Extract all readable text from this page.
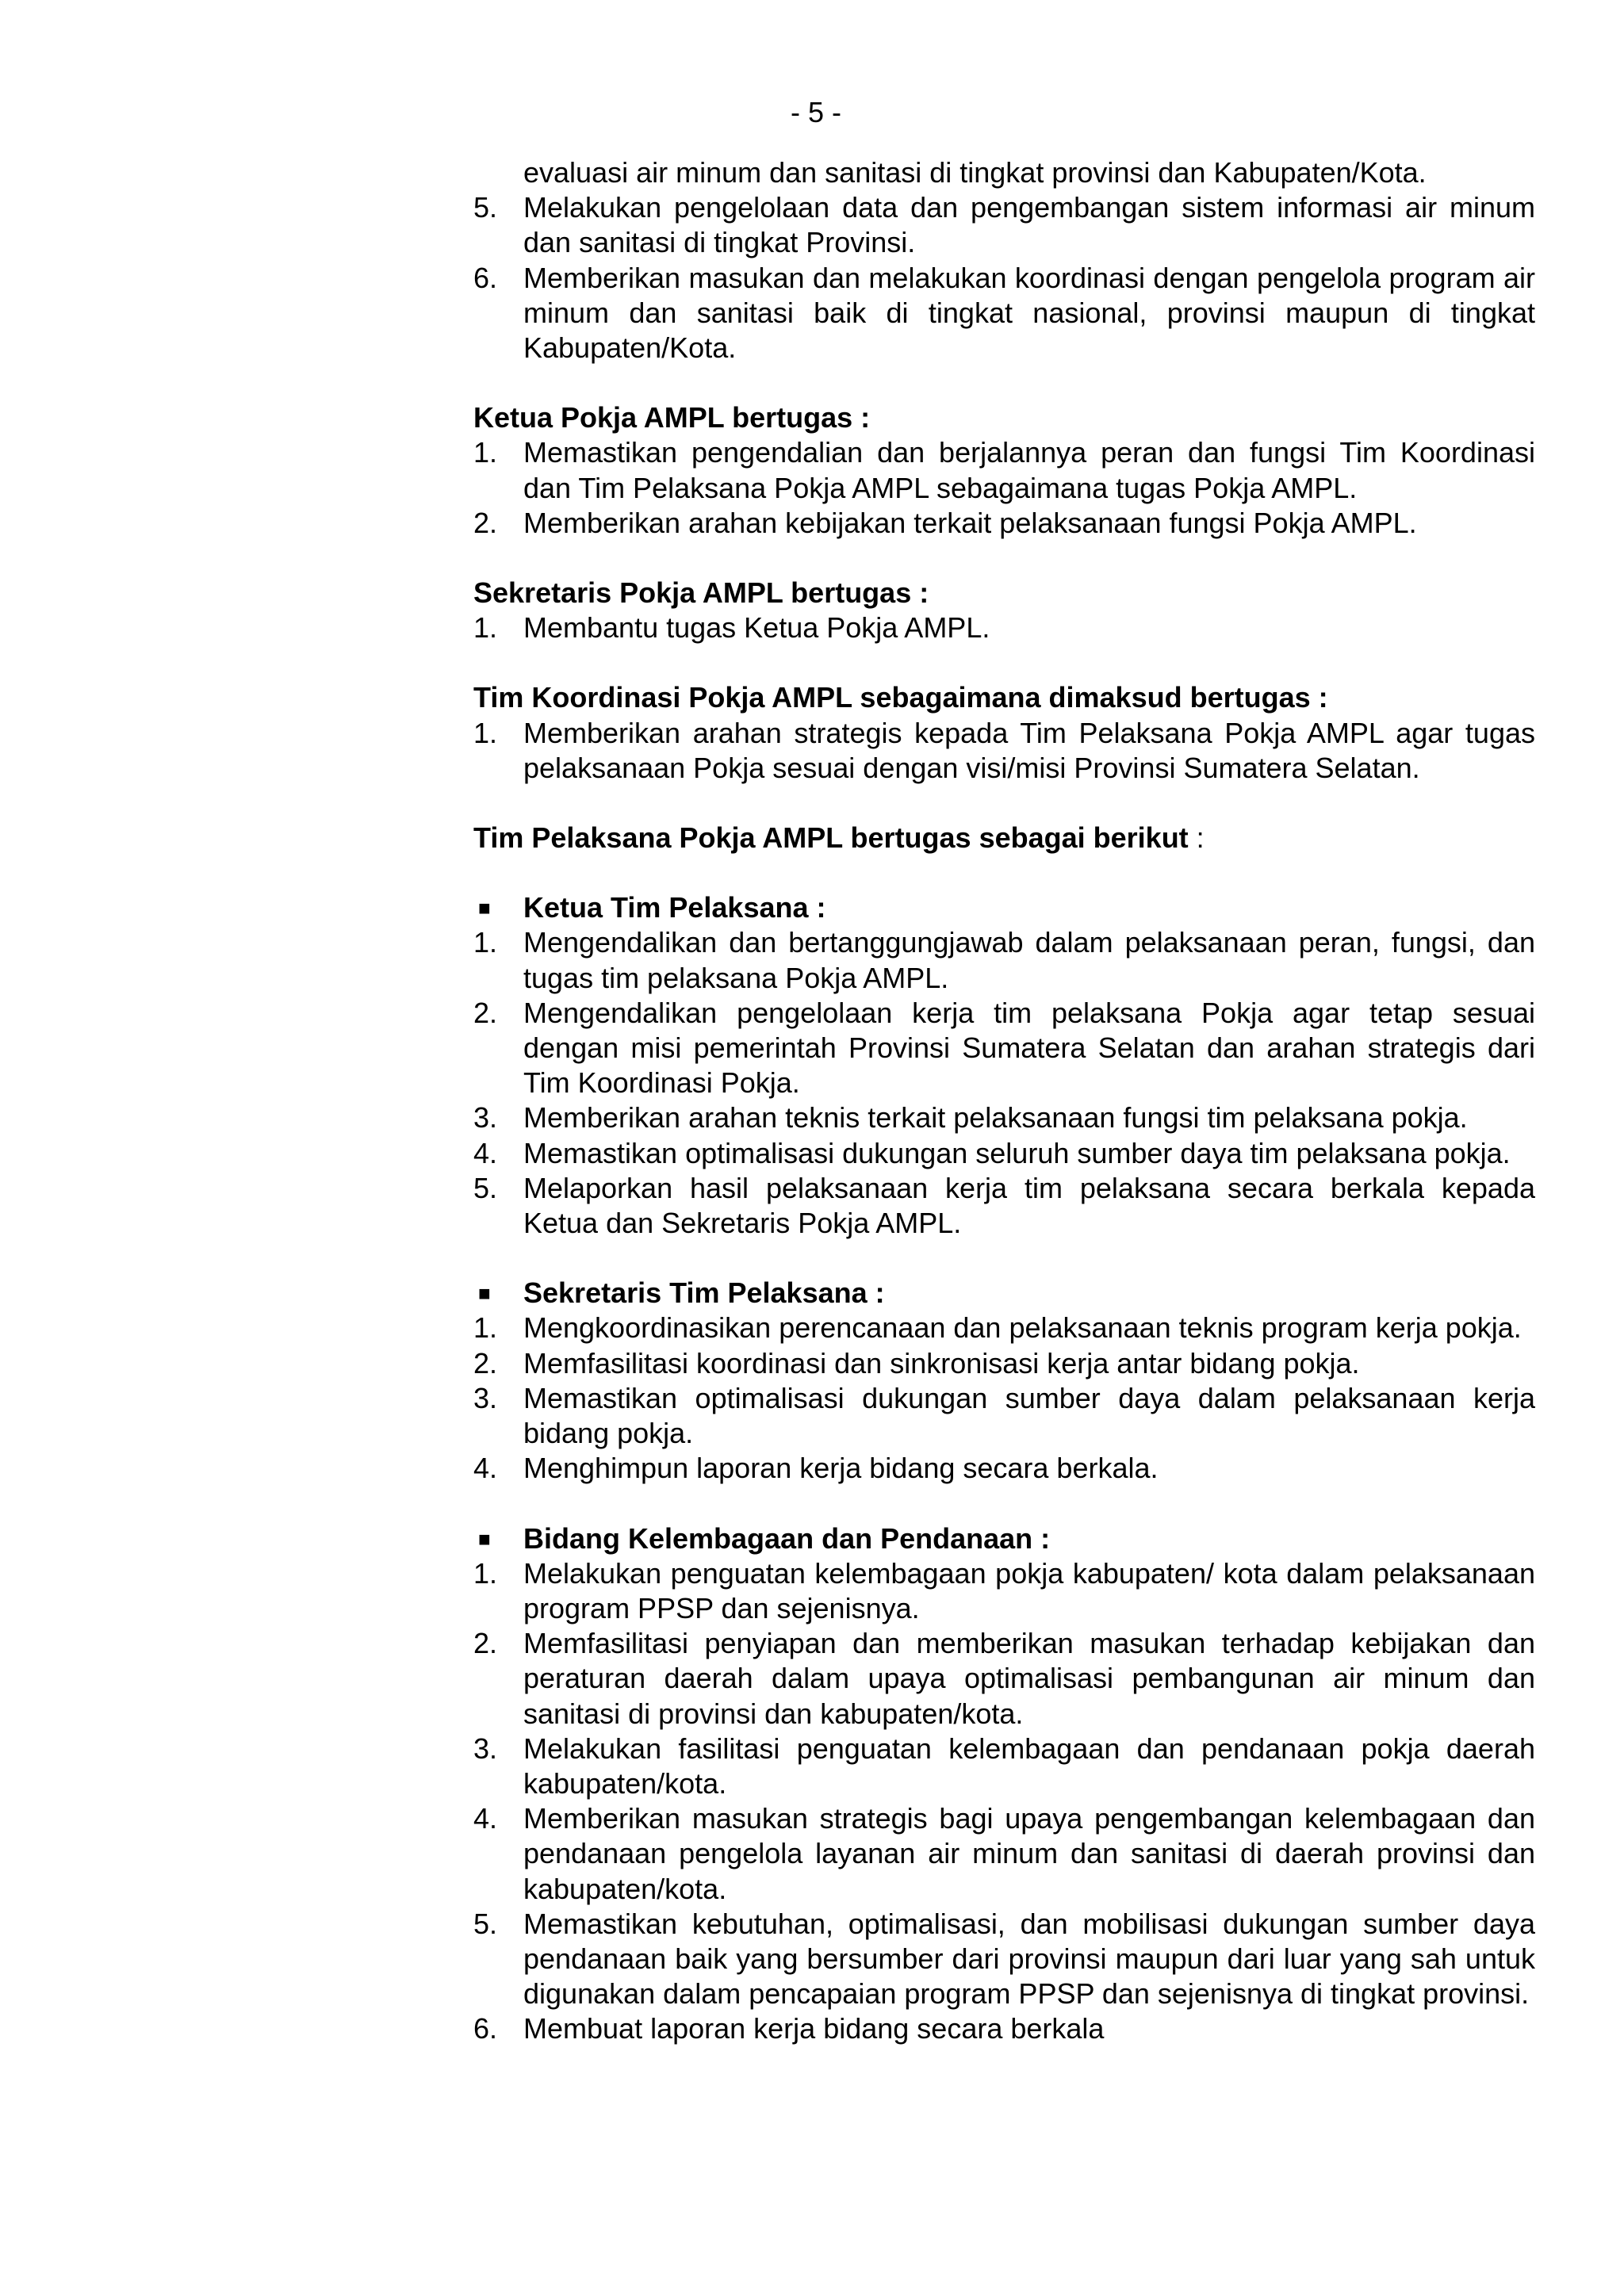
- 5 -
evaluasi air minum dan sanitasi di tingkat provinsi dan Kabupaten/Kota.
5. Melakukan pengelolaan data dan pengembangan sistem informasi air minum dan sanitasi di tingkat Provinsi.
6. Memberikan masukan dan melakukan koordinasi dengan pengelola program air minum dan sanitasi baik di tingkat nasional, provinsi maupun di tingkat Kabupaten/Kota.
Ketua Pokja AMPL bertugas :
1. Memastikan pengendalian dan berjalannya peran dan fungsi Tim Koordinasi dan Tim Pelaksana Pokja AMPL sebagaimana tugas Pokja AMPL.
2. Memberikan arahan kebijakan terkait pelaksanaan fungsi Pokja AMPL.
Sekretaris Pokja AMPL bertugas :
1. Membantu tugas Ketua Pokja AMPL.
Tim Koordinasi Pokja AMPL sebagaimana dimaksud bertugas :
1. Memberikan arahan strategis kepada Tim Pelaksana Pokja AMPL agar tugas pelaksanaan Pokja sesuai dengan visi/misi Provinsi Sumatera Selatan.
Tim Pelaksana Pokja AMPL bertugas sebagai berikut :
■	Ketua Tim Pelaksana :
1. Mengendalikan dan bertanggungjawab dalam pelaksanaan peran, fungsi, dan tugas tim pelaksana Pokja AMPL.
2. Mengendalikan pengelolaan kerja tim pelaksana Pokja agar tetap sesuai dengan misi pemerintah Provinsi Sumatera Selatan dan arahan strategis dari Tim Koordinasi Pokja.
3. Memberikan arahan teknis terkait pelaksanaan fungsi tim pelaksana pokja.
4. Memastikan optimalisasi dukungan seluruh sumber daya tim pelaksana pokja.
5. Melaporkan hasil pelaksanaan kerja tim pelaksana secara berkala kepada Ketua dan Sekretaris Pokja AMPL.
■	Sekretaris Tim Pelaksana :
1. Mengkoordinasikan perencanaan dan pelaksanaan teknis program kerja pokja.
2. Memfasilitasi koordinasi dan sinkronisasi kerja antar bidang pokja.
3. Memastikan optimalisasi dukungan sumber daya dalam pelaksanaan kerja bidang pokja.
4. Menghimpun laporan kerja bidang secara berkala.
■	Bidang Kelembagaan dan Pendanaan :
1. Melakukan penguatan kelembagaan pokja kabupaten/ kota dalam pelaksanaan program PPSP dan sejenisnya.
2. Memfasilitasi penyiapan dan memberikan masukan terhadap kebijakan dan peraturan daerah dalam upaya optimalisasi pembangunan air minum dan sanitasi di provinsi dan kabupaten/kota.
3. Melakukan fasilitasi penguatan kelembagaan dan pendanaan pokja daerah kabupaten/kota.
4. Memberikan masukan strategis bagi upaya pengembangan kelembagaan dan pendanaan pengelola layanan air minum dan sanitasi di daerah provinsi dan kabupaten/kota.
5. Memastikan kebutuhan, optimalisasi, dan mobilisasi dukungan sumber daya pendanaan baik yang bersumber dari provinsi maupun dari luar yang sah untuk digunakan dalam pencapaian program PPSP dan sejenisnya di tingkat provinsi.
6. Membuat laporan kerja bidang secara berkala
